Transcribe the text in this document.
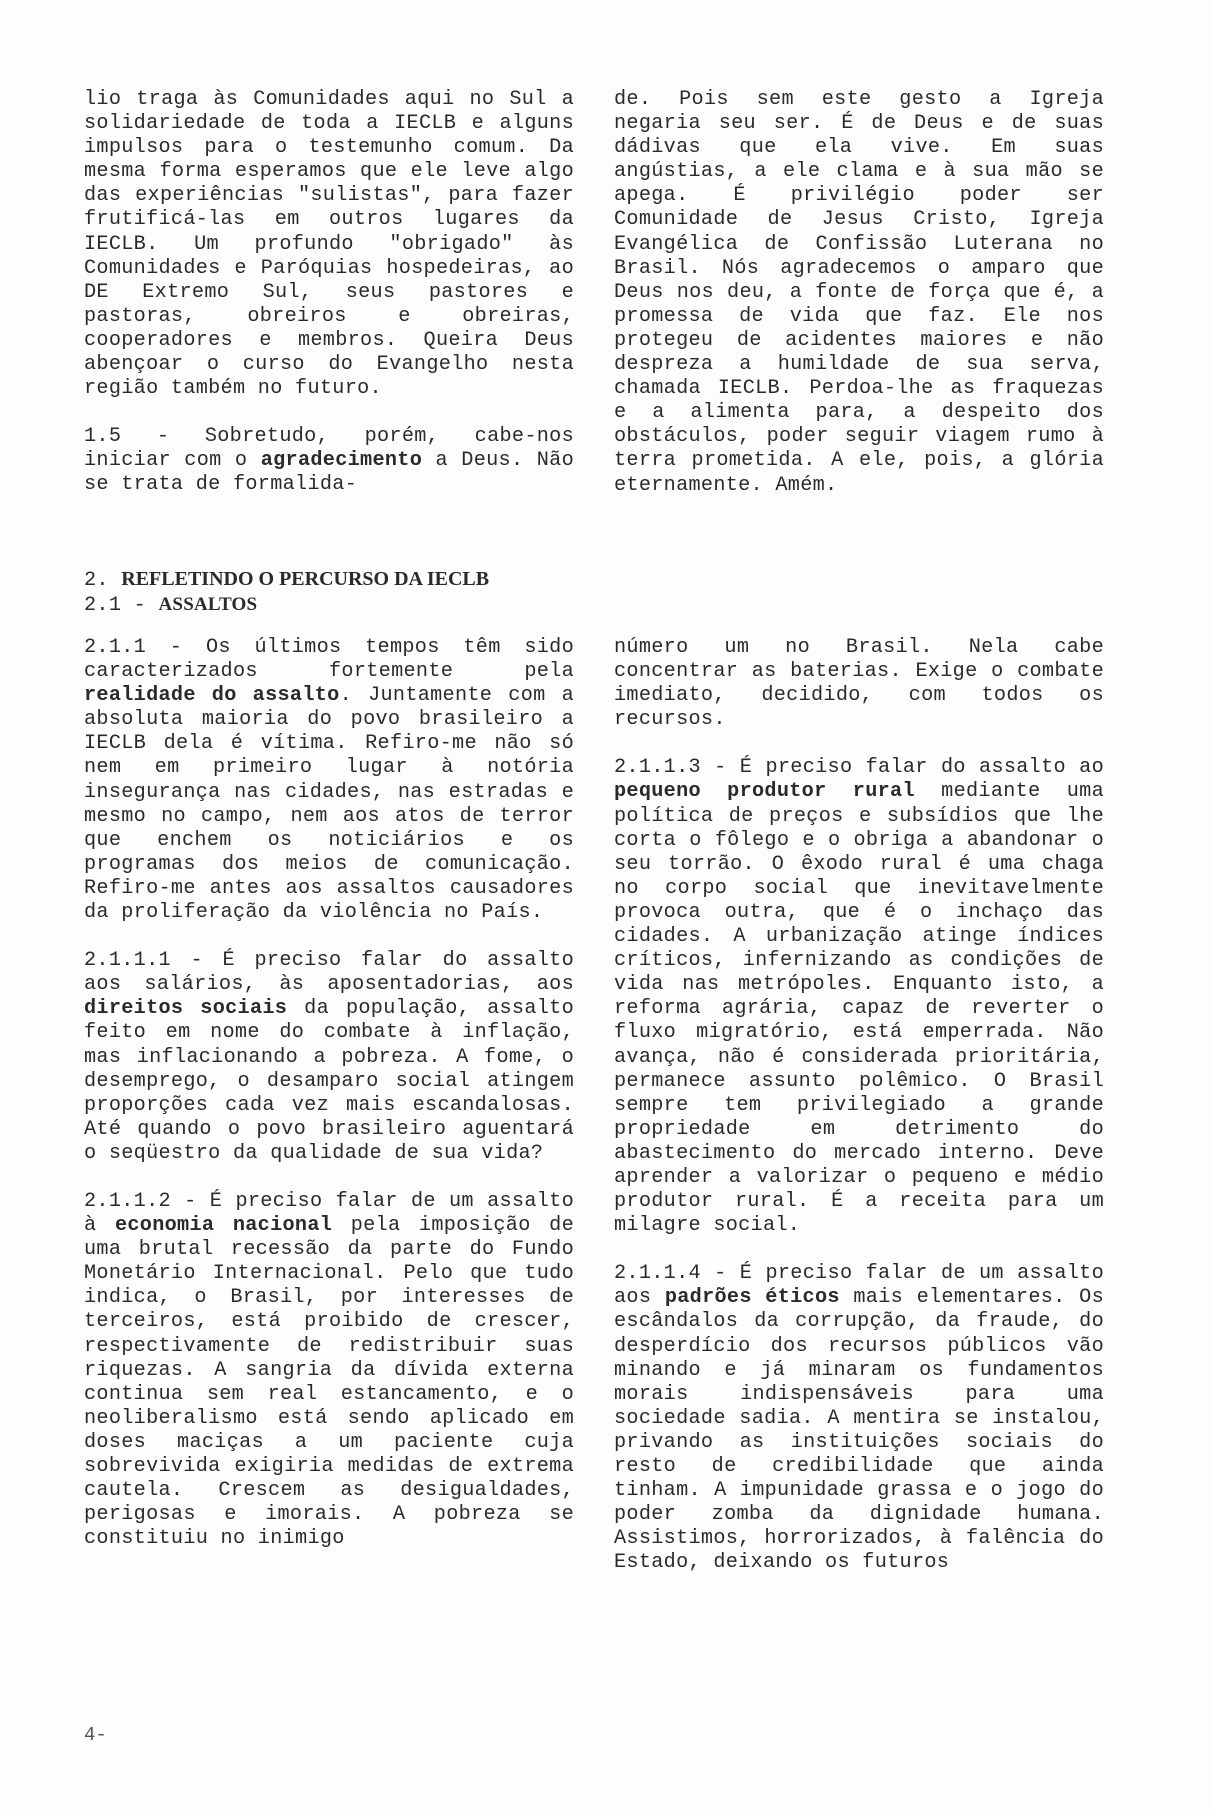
lio traga às Comunidades aqui no Sul a solidariedade de toda a IECLB e alguns impulsos para o testemunho comum. Da mesma forma esperamos que ele leve algo das experiências "sulistas", para fazer frutificá-las em outros lugares da IECLB. Um profundo "obrigado" às Comunidades e Paróquias hospedeiras, ao DE Extremo Sul, seus pastores e pastoras, obreiros e obreiras, cooperadores e membros. Queira Deus abençoar o curso do Evangelho nesta região também no futuro.

1.5 - Sobretudo, porém, cabe-nos iniciar com o agradecimento a Deus. Não se trata de formalida-

de. Pois sem este gesto a Igreja negaria seu ser. É de Deus e de suas dádivas que ela vive. Em suas angústias, a ele clama e à sua mão se apega. É privilégio poder ser Comunidade de Jesus Cristo, Igreja Evangélica de Confissão Luterana no Brasil. Nós agradecemos o amparo que Deus nos deu, a fonte de força que é, a promessa de vida que faz. Ele nos protegeu de acidentes maiores e não despreza a humildade de sua serva, chamada IECLB. Perdoa-lhe as fraquezas e a alimenta para, a despeito dos obstáculos, poder seguir viagem rumo à terra prometida. A ele, pois, a glória eternamente. Amém.

2. REFLETINDO O PERCURSO DA IECLB
2.1 - ASSALTOS

2.1.1 - Os últimos tempos têm sido caracterizados fortemente pela realidade do assalto. Juntamente com a absoluta maioria do povo brasileiro a IECLB dela é vítima. Refiro-me não só nem em primeiro lugar à notória insegurança nas cidades, nas estradas e mesmo no campo, nem aos atos de terror que enchem os noticiários e os programas dos meios de comunicação. Refiro-me antes aos assaltos causadores da proliferação da violência no País.

2.1.1.1 - É preciso falar do assalto aos salários, às aposentadorias, aos direitos sociais da população, assalto feito em nome do combate à inflação, mas inflacionando a pobreza. A fome, o desemprego, o desamparo social atingem proporções cada vez mais escandalosas. Até quando o povo brasileiro aguentará o seqüestro da qualidade de sua vida?

2.1.1.2 - É preciso falar de um assalto à economia nacional pela imposição de uma brutal recessão da parte do Fundo Monetário Internacional. Pelo que tudo indica, o Brasil, por interesses de terceiros, está proibido de crescer, respectivamente de redistribuir suas riquezas. A sangria da dívida externa continua sem real estancamento, e o neoliberalismo está sendo aplicado em doses maciças a um paciente cuja sobrevivida exigiria medidas de extrema cautela. Crescem as desigualdades, perigosas e imorais. A pobreza se constituiu no inimigo

número um no Brasil. Nela cabe concentrar as baterias. Exige o combate imediato, decidido, com todos os recursos.

2.1.1.3 - É preciso falar do assalto ao pequeno produtor rural mediante uma política de preços e subsídios que lhe corta o fôlego e o obriga a abandonar o seu torrão. O êxodo rural é uma chaga no corpo social que inevitavelmente provoca outra, que é o inchaço das cidades. A urbanização atinge índices críticos, infernizando as condições de vida nas metrópoles. Enquanto isto, a reforma agrária, capaz de reverter o fluxo migratório, está emperrada. Não avança, não é considerada prioritária, permanece assunto polêmico. O Brasil sempre tem privilegiado a grande propriedade em detrimento do abastecimento do mercado interno. Deve aprender a valorizar o pequeno e médio produtor rural. É a receita para um milagre social.

2.1.1.4 - É preciso falar de um assalto aos padrões éticos mais elementares. Os escândalos da corrupção, da fraude, do desperdício dos recursos públicos vão minando e já minaram os fundamentos morais indispensáveis para uma sociedade sadia. A mentira se instalou, privando as instituições sociais do resto de credibilidade que ainda tinham. A impunidade grassa e o jogo do poder zomba da dignidade humana. Assistimos, horrorizados, à falência do Estado, deixando os futuros

4-
